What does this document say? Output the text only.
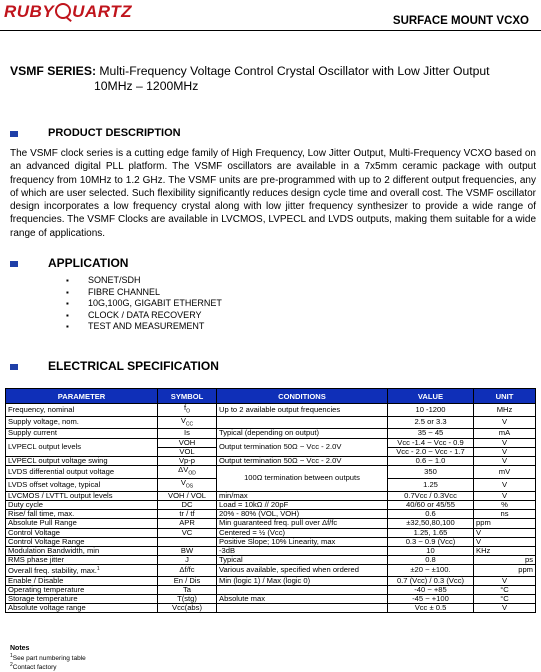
RUBY UARTZ	SURFACE MOUNT VCXO
VSMF SERIES: Multi-Frequency Voltage Control Crystal Oscillator with Low Jitter Output
10MHz – 1200MHz
PRODUCT DESCRIPTION
The VSMF clock series is a cutting edge family of High Frequency, Low Jitter Output, Multi-Frequency VCXO based on an advanced digital PLL platform. The VSMF oscillators are available in a 7x5mm ceramic package with output frequency from 10MHz to 1.2 GHz. The VSMF units are pre-programmed with up to 2 different output frequencies, any of which are user selected. Such flexibility significantly reduces design cycle time and overall cost. The VSMF oscillator design incorporates a low frequency crystal along with low jitter frequency synthesizer to provide a wide range of frequencies. The VSMF Clocks are available in LVCMOS, LVPECL and LVDS outputs, making them suitable for a wide range of applications.
APPLICATION
▪ SONET/SDH
▪ FIBRE CHANNEL
▪ 10G,100G, GIGABIT ETHERNET
▪ CLOCK / DATA RECOVERY
▪ TEST AND MEASUREMENT
ELECTRICAL SPECIFICATION
PARAMETER	SYMBOL	CONDITIONS	VALUE	UNIT
Frequency, nominal	$f_O$	Up to 2 available output frequencies	10 -1200	MHz
Supply voltage, nom.	$V_{CC}$		2.5 or 3.3	V
Supply current	Is	Typical (depending on output)	35 ~ 45	mA
LVPECL output levels	VOH	Output termination 50Ω ~ Vcc - 2.0V	Vcc -1.4 ~ Vcc - 0.9	V
	VOL		Vcc - 2.0 ~ Vcc - 1.7	V
LVPECL output voltage swing	Vp-p	Output termination 50Ω ~ Vcc - 2.0V	0.6 ~ 1.0	V
LVDS differential output voltage	$\Delta V_{OD}$	100Ω termination between outputs	350	mV
LVDS offset voltage, typical	$V_{OS}$		1.25	V
LVCMOS / LVTTL output levels	VOH / VOL	min/max	0.7Vcc / 0.3Vcc	V
Duty cycle	DC	Load = 10kΩ // 20pF	40/60 or 45/55	%
Rise/ fall time, max.	tr / tf	20% - 80% (VOL, VOH)	0.6	ns
Absolute Pull Range	APR	Min guaranteed freq. pull over Δf/fc	±32,50,80,100	ppm
Control Voltage	VC	Centered = ½ (Vcc)	1.25, 1.65	V
Control Voltage Range		Positive Slope; 10% Linearity, max	0.3 ~ 0.9 (Vcc)	V
Modulation Bandwidth, min	BW	-3dB	10	KHz
RMS phase jitter	J	Typical	0.8	ps
Overall freq. stability, max.$^1$	Δf/fc	Various available, specified when ordered	±20 ~ ±100.	ppm
Enable / Disable	En / Dis	Min (logic 1) / Max (logic 0)	0.7 (Vcc) / 0.3 (Vcc)	V
Operating temperature	Ta		-40 ~ +85	°C
Storage temperature	T(stg)	Absolute max	-45 ~ +100	°C
Absolute voltage range	Vcc(abs)		Vcc ± 0.5	V
Notes
$^1$See part numbering table
$^2$Contact factory
